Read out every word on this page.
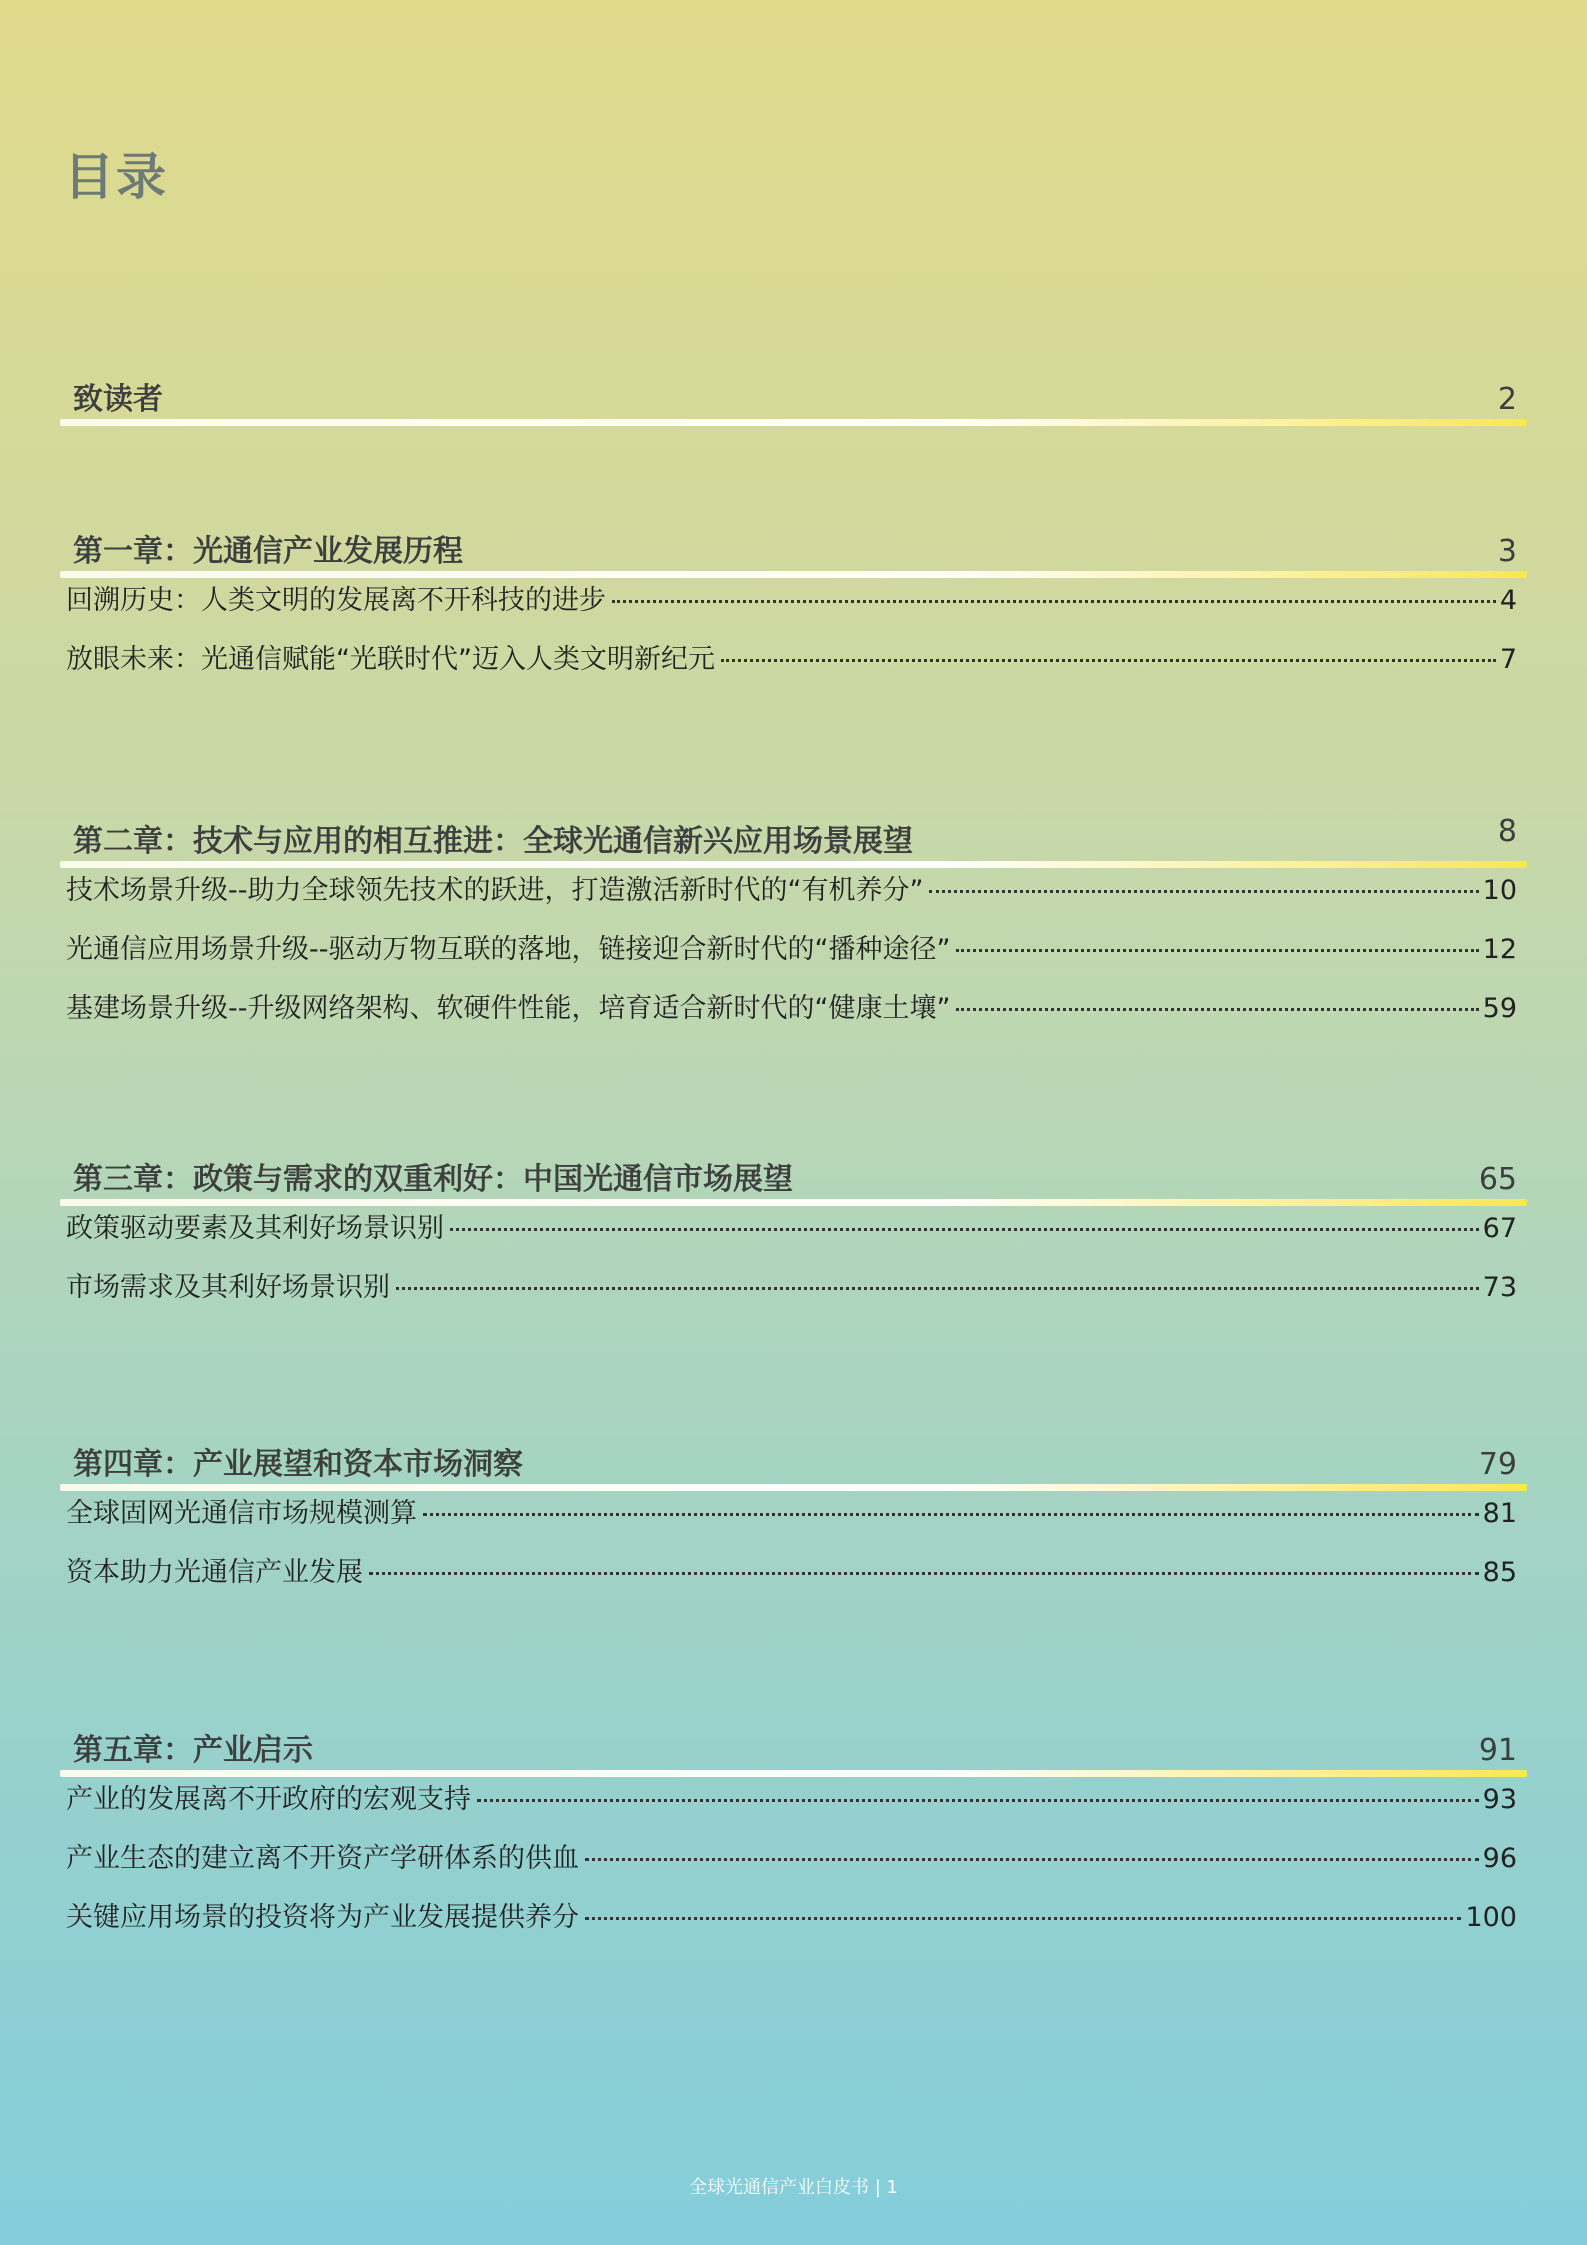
目录
致读者	2
第一章：光通信产业发展历程	3
回溯历史：人类文明的发展离不开科技的进步	4
放眼未来：光通信赋能“光联时代”迈入人类文明新纪元	7
第二章：技术与应用的相互推进：全球光通信新兴应用场景展望	8
技术场景升级--助力全球领先技术的跃进，打造激活新时代的“有机养分”	10
光通信应用场景升级--驱动万物互联的落地，链接迎合新时代的“播种途径”	12
基建场景升级--升级网络架构、软硬件性能，培育适合新时代的“健康土壤”	59
第三章：政策与需求的双重利好：中国光通信市场展望	65
政策驱动要素及其利好场景识别	67
市场需求及其利好场景识别	73
第四章：产业展望和资本市场洞察	79
全球固网光通信市场规模测算	81
资本助力光通信产业发展	85
第五章：产业启示	91
产业的发展离不开政府的宏观支持	93
产业生态的建立离不开资产学研体系的供血	96
关键应用场景的投资将为产业发展提供养分	100
全球光通信产业白皮书 | 1
